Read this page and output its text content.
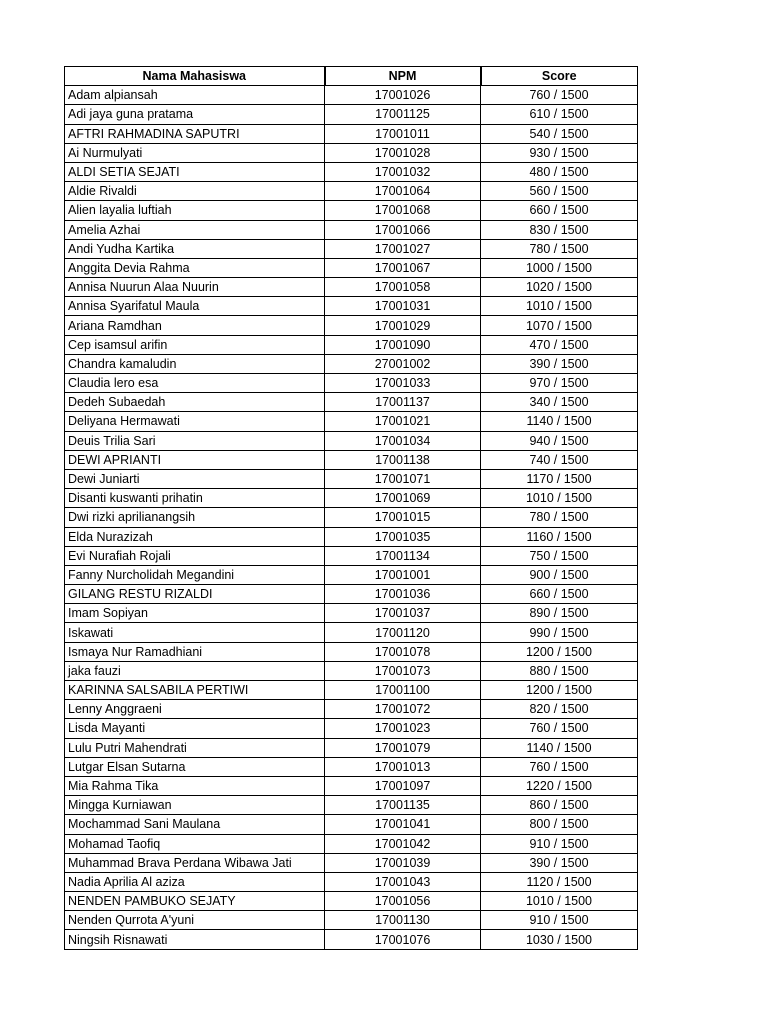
Nama Mahasiswa	NPM	Score
Adam alpiansah	17001026	760 / 1500
Adi jaya guna pratama	17001125	610 / 1500
AFTRI RAHMADINA SAPUTRI	17001011	540 / 1500
Ai Nurmulyati	17001028	930 / 1500
ALDI SETIA SEJATI	17001032	480 / 1500
Aldie Rivaldi	17001064	560 / 1500
Alien layalia luftiah	17001068	660 / 1500
Amelia Azhai	17001066	830 / 1500
Andi Yudha Kartika	17001027	780 / 1500
Anggita Devia Rahma	17001067	1000 / 1500
Annisa Nuurun Alaa Nuurin	17001058	1020 / 1500
Annisa Syarifatul Maula	17001031	1010 / 1500
Ariana Ramdhan	17001029	1070 / 1500
Cep isamsul arifin	17001090	470 / 1500
Chandra kamaludin	27001002	390 / 1500
Claudia lero esa	17001033	970 / 1500
Dedeh Subaedah	17001137	340 / 1500
Deliyana Hermawati	17001021	1140 / 1500
Deuis Trilia Sari	17001034	940 / 1500
DEWI APRIANTI	17001138	740 / 1500
Dewi Juniarti	17001071	1170 / 1500
Disanti kuswanti prihatin	17001069	1010 / 1500
Dwi rizki aprilianangsih	17001015	780 / 1500
Elda Nurazizah	17001035	1160 / 1500
Evi Nurafiah Rojali	17001134	750 / 1500
Fanny Nurcholidah Megandini	17001001	900 / 1500
GILANG RESTU RIZALDI	17001036	660 / 1500
Imam Sopiyan	17001037	890 / 1500
Iskawati	17001120	990 / 1500
Ismaya Nur Ramadhiani	17001078	1200 / 1500
jaka fauzi	17001073	880 / 1500
KARINNA SALSABILA PERTIWI	17001100	1200 / 1500
Lenny Anggraeni	17001072	820 / 1500
Lisda Mayanti	17001023	760 / 1500
Lulu Putri Mahendrati	17001079	1140 / 1500
Lutgar Elsan Sutarna	17001013	760 / 1500
Mia Rahma Tika	17001097	1220 / 1500
Mingga Kurniawan	17001135	860 / 1500
Mochammad Sani Maulana	17001041	800 / 1500
Mohamad Taofiq	17001042	910 / 1500
Muhammad Brava Perdana Wibawa Jati	17001039	390 / 1500
Nadia Aprilia Al aziza	17001043	1120 / 1500
NENDEN PAMBUKO SEJATY	17001056	1010 / 1500
Nenden Qurrota A'yuni	17001130	910 / 1500
Ningsih Risnawati	17001076	1030 / 1500
